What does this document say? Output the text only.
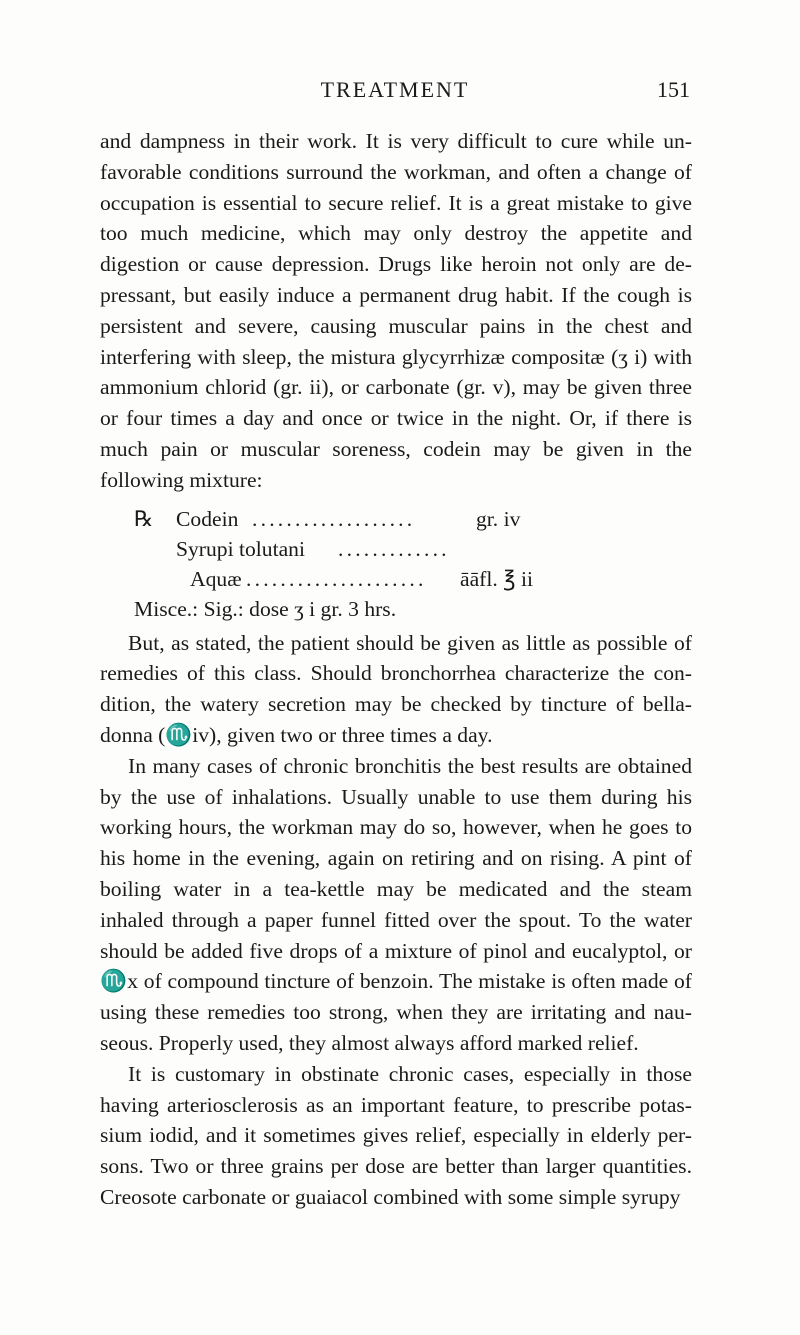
TREATMENT	151

and dampness in their work. It is very difficult to cure while un-favorable conditions surround the workman, and often a change of occupation is essential to secure relief. It is a great mistake to give too much medicine, which may only destroy the appetite and digestion or cause depression. Drugs like heroin not only are de-pressant, but easily induce a permanent drug habit. If the cough is persistent and severe, causing muscular pains in the chest and interfering with sleep, the mistura glycyrrhizæ compositæ (ʒ i) with ammonium chlorid (gr. ii), or carbonate (gr. v), may be given three or four times a day and once or twice in the night. Or, if there is much pain or muscular soreness, codein may be given in the following mixture:

℞ Codein ...................	gr. iv
Syrupi tolutani .............
Aquæ ..................... āāfl. ℥ ii
Misce.: Sig.: dose ʒ i gr. 3 hrs.

But, as stated, the patient should be given as little as possible of remedies of this class. Should bronchorrhea characterize the con-dition, the watery secretion may be checked by tincture of bella-donna (♏iv), given two or three times a day.

In many cases of chronic bronchitis the best results are obtained by the use of inhalations. Usually unable to use them during his working hours, the workman may do so, however, when he goes to his home in the evening, again on retiring and on rising. A pint of boiling water in a tea-kettle may be medicated and the steam inhaled through a paper funnel fitted over the spout. To the water should be added five drops of a mixture of pinol and eucalyptol, or ♏x of compound tincture of benzoin. The mistake is often made of using these remedies too strong, when they are irritating and nau-seous. Properly used, they almost always afford marked relief.

It is customary in obstinate chronic cases, especially in those having arteriosclerosis as an important feature, to prescribe potas-sium iodid, and it sometimes gives relief, especially in elderly per-sons. Two or three grains per dose are better than larger quantities. Creosote carbonate or guaiacol combined with some simple syrupy
